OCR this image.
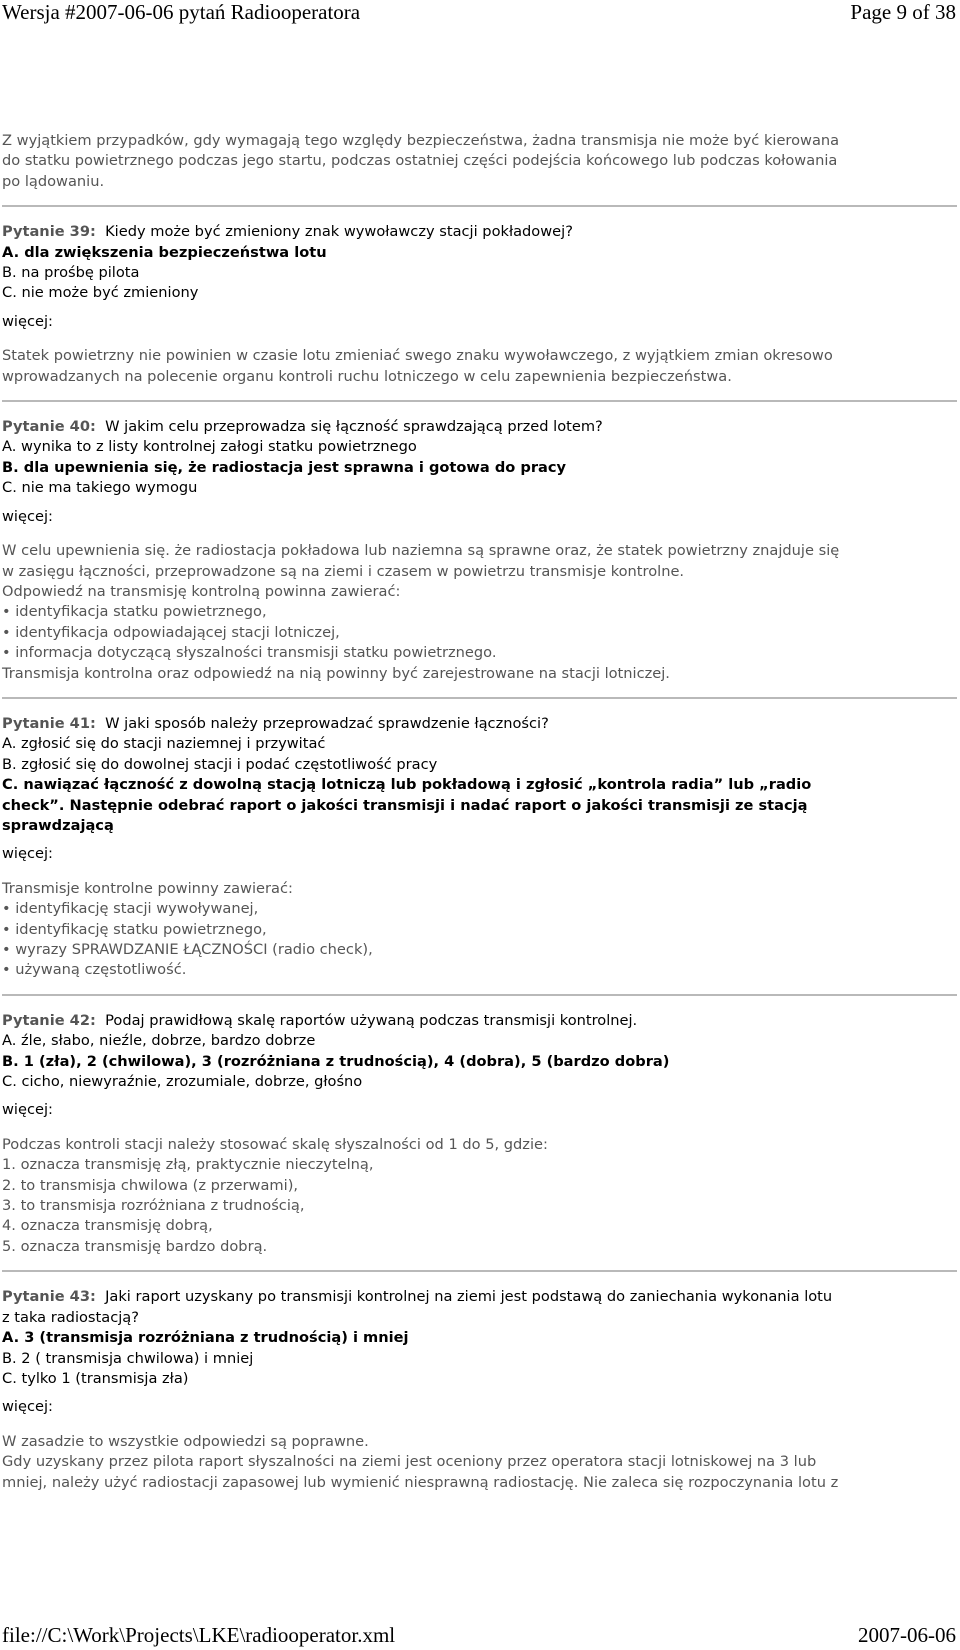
Wersja #2007-06-06 pytań Radiooperatora	Page 9 of 38
Z wyjątkiem przypadków, gdy wymagają tego względy bezpieczeństwa, żadna transmisja nie może być kierowana
do statku powietrznego podczas jego startu, podczas ostatniej części podejścia końcowego lub podczas kołowania
po lądowaniu.
Pytanie 39: Kiedy może być zmieniony znak wywoławczy stacji pokładowej?
A. dla zwiększenia bezpieczeństwa lotu
B. na prośbę pilota
C. nie może być zmieniony
więcej:
Statek powietrzny nie powinien w czasie lotu zmieniać swego znaku wywoławczego, z wyjątkiem zmian okresowo
wprowadzanych na polecenie organu kontroli ruchu lotniczego w celu zapewnienia bezpieczeństwa.
Pytanie 40: W jakim celu przeprowadza się łączność sprawdzającą przed lotem?
A. wynika to z listy kontrolnej załogi statku powietrznego
B. dla upewnienia się, że radiostacja jest sprawna i gotowa do pracy
C. nie ma takiego wymogu
więcej:
W celu upewnienia się. że radiostacja pokładowa lub naziemna są sprawne oraz, że statek powietrzny znajduje się
w zasięgu łączności, przeprowadzone są na ziemi i czasem w powietrzu transmisje kontrolne.
Odpowiedź na transmisję kontrolną powinna zawierać:
• identyfikacja statku powietrznego,
• identyfikacja odpowiadającej stacji lotniczej,
• informacja dotyczącą słyszalności transmisji statku powietrznego.
Transmisja kontrolna oraz odpowiedź na nią powinny być zarejestrowane na stacji lotniczej.
Pytanie 41: W jaki sposób należy przeprowadzać sprawdzenie łączności?
A. zgłosić się do stacji naziemnej i przywitać
B. zgłosić się do dowolnej stacji i podać częstotliwość pracy
C. nawiązać łączność z dowolną stacją lotniczą lub pokładową i zgłosić „kontrola radia” lub „radio
check”. Następnie odebrać raport o jakości transmisji i nadać raport o jakości transmisji ze stacją
sprawdzającą
więcej:
Transmisje kontrolne powinny zawierać:
• identyfikację stacji wywoływanej,
• identyfikację statku powietrznego,
• wyrazy SPRAWDZANIE ŁĄCZNOŚCI (radio check),
• używaną częstotliwość.
Pytanie 42: Podaj prawidłową skalę raportów używaną podczas transmisji kontrolnej.
A. źle, słabo, nieźle, dobrze, bardzo dobrze
B. 1 (zła), 2 (chwilowa), 3 (rozróżniana z trudnością), 4 (dobra), 5 (bardzo dobra)
C. cicho, niewyraźnie, zrozumiale, dobrze, głośno
więcej:
Podczas kontroli stacji należy stosować skalę słyszalności od 1 do 5, gdzie:
1. oznacza transmisję złą, praktycznie nieczytelną,
2. to transmisja chwilowa (z przerwami),
3. to transmisja rozróżniana z trudnością,
4. oznacza transmisję dobrą,
5. oznacza transmisję bardzo dobrą.
Pytanie 43: Jaki raport uzyskany po transmisji kontrolnej na ziemi jest podstawą do zaniechania wykonania lotu
z taka radiostacją?
A. 3 (transmisja rozróżniana z trudnością) i mniej
B. 2 ( transmisja chwilowa) i mniej
C. tylko 1 (transmisja zła)
więcej:
W zasadzie to wszystkie odpowiedzi są poprawne.
Gdy uzyskany przez pilota raport słyszalności na ziemi jest oceniony przez operatora stacji lotniskowej na 3 lub
mniej, należy użyć radiostacji zapasowej lub wymienić niesprawną radiostację. Nie zaleca się rozpoczynania lotu z
file://C:\Work\Projects\LKE\radiooperator.xml	2007-06-06
